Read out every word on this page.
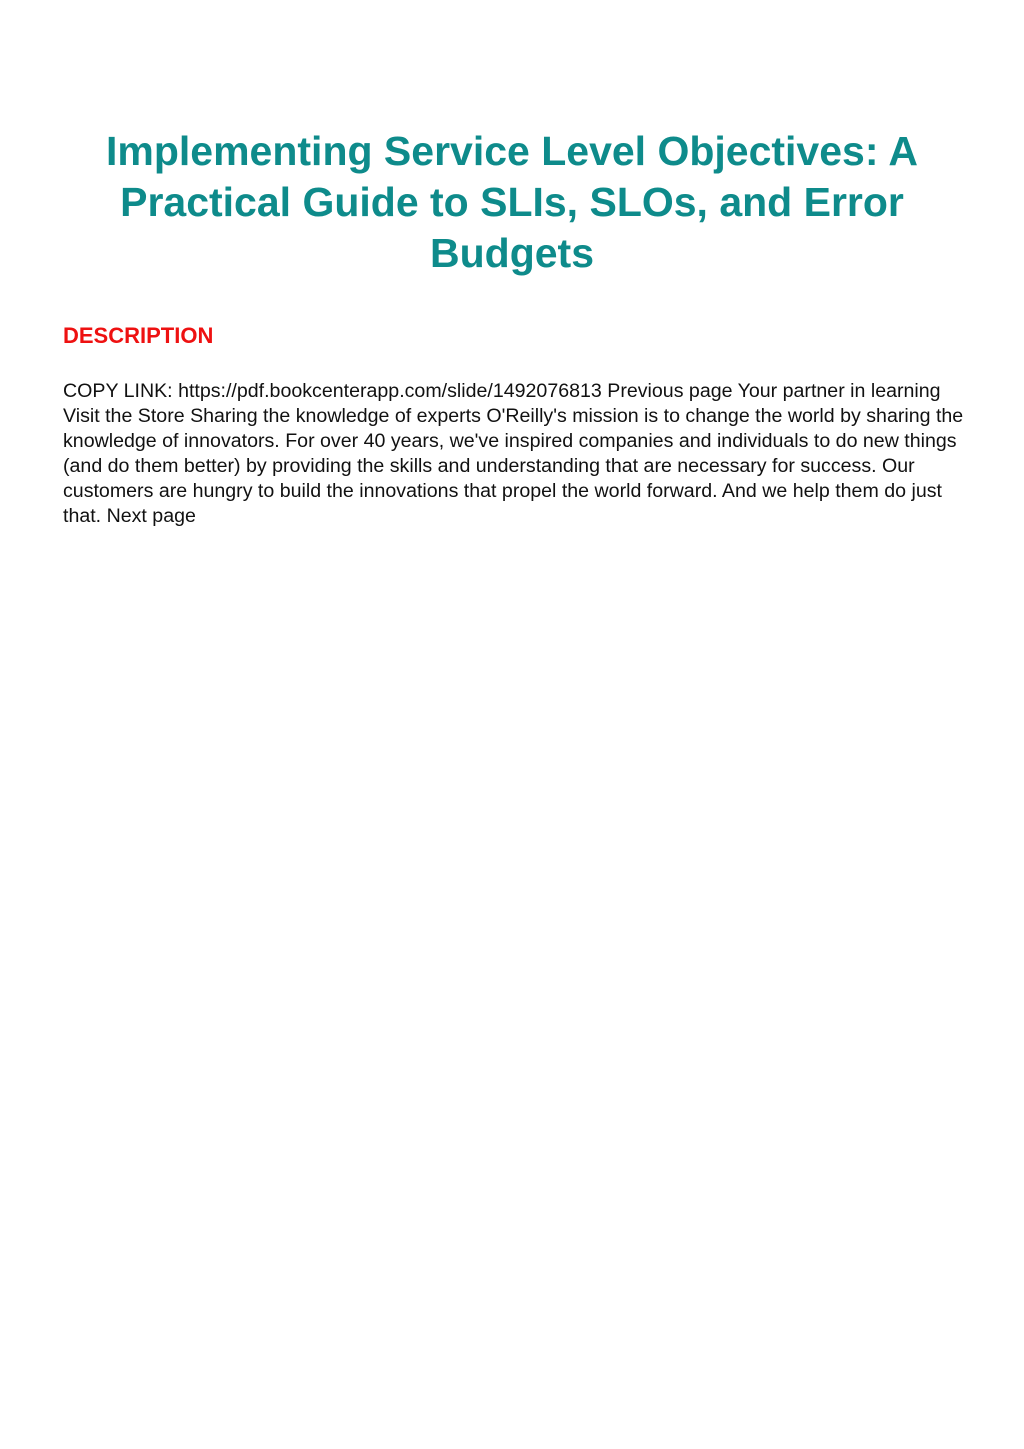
Implementing Service Level Objectives: A Practical Guide to SLIs, SLOs, and Error Budgets
DESCRIPTION

COPY LINK: https://pdf.bookcenterapp.com/slide/1492076813 Previous page Your partner in learning Visit the Store Sharing the knowledge of experts O'Reilly's mission is to change the world by sharing the knowledge of innovators. For over 40 years, we've inspired companies and individuals to do new things (and do them better) by providing the skills and understanding that are necessary for success. Our customers are hungry to build the innovations that propel the world forward. And we help them do just that. Next page
